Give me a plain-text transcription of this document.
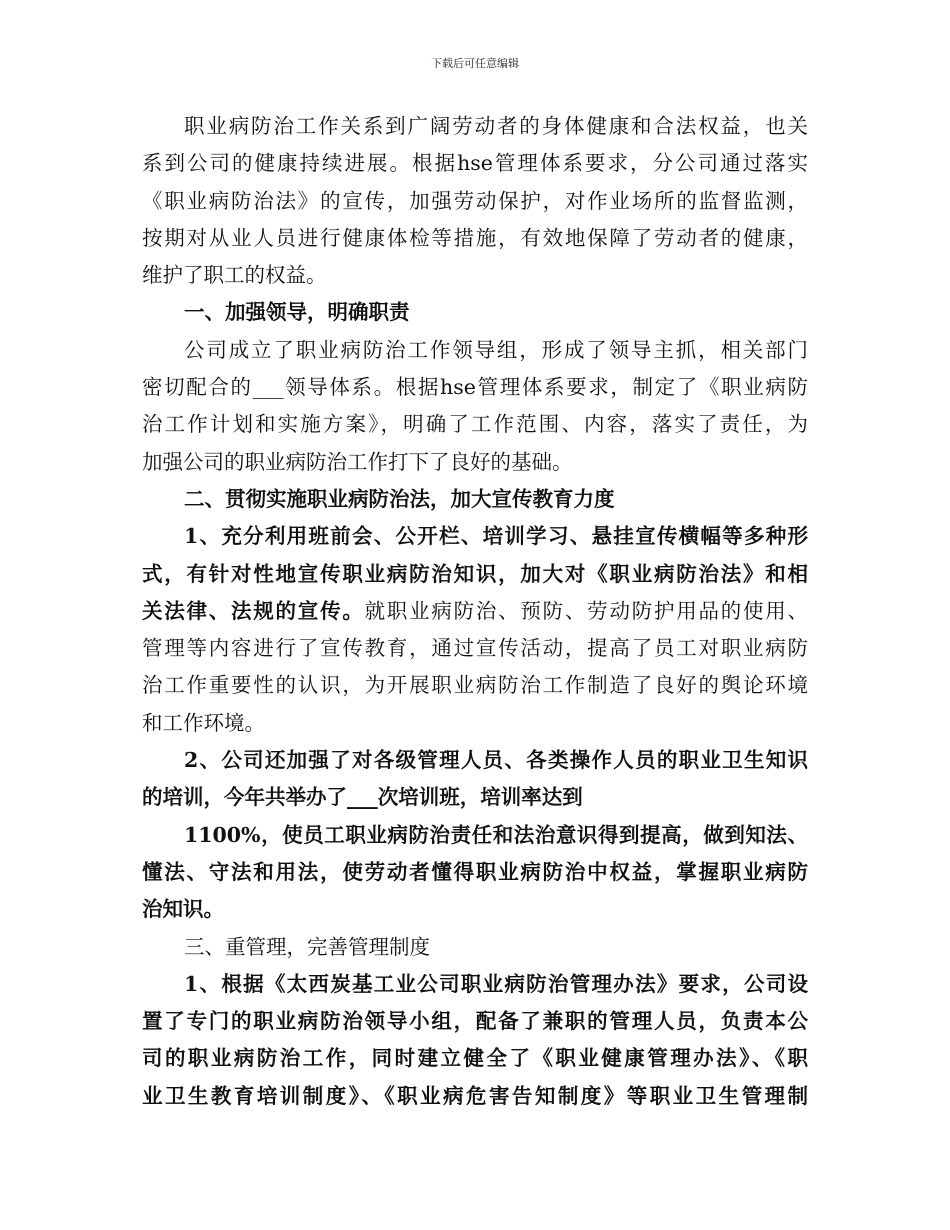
下载后可任意编辑
职业病防治工作关系到广阔劳动者的身体健康和合法权益，也关
系到公司的健康持续进展。根据hse管理体系要求，分公司通过落实
《职业病防治法》的宣传，加强劳动保护，对作业场所的监督监测，
按期对从业人员进行健康体检等措施，有效地保障了劳动者的健康，
维护了职工的权益。
一、加强领导，明确职责
公司成立了职业病防治工作领导组，形成了领导主抓，相关部门
密切配合的___领导体系。根据hse管理体系要求，制定了《职业病防
治工作计划和实施方案》，明确了工作范围、内容，落实了责任，为
加强公司的职业病防治工作打下了良好的基础。
二、贯彻实施职业病防治法，加大宣传教育力度
1、充分利用班前会、公开栏、培训学习、悬挂宣传横幅等多种形
式，有针对性地宣传职业病防治知识，加大对《职业病防治法》和相
关法律、法规的宣传。就职业病防治、预防、劳动防护用品的使用、
管理等内容进行了宣传教育，通过宣传活动，提高了员工对职业病防
治工作重要性的认识，为开展职业病防治工作制造了良好的舆论环境
和工作环境。
2、公司还加强了对各级管理人员、各类操作人员的职业卫生知识
的培训，今年共举办了___次培训班，培训率达到
1100%，使员工职业病防治责任和法治意识得到提高，做到知法、
懂法、守法和用法，使劳动者懂得职业病防治中权益，掌握职业病防
治知识。
三、重管理，完善管理制度
1、根据《太西炭基工业公司职业病防治管理办法》要求，公司设
置了专门的职业病防治领导小组，配备了兼职的管理人员，负责本公
司的职业病防治工作，同时建立健全了《职业健康管理办法》、《职
业卫生教育培训制度》、《职业病危害告知制度》等职业卫生管理制
